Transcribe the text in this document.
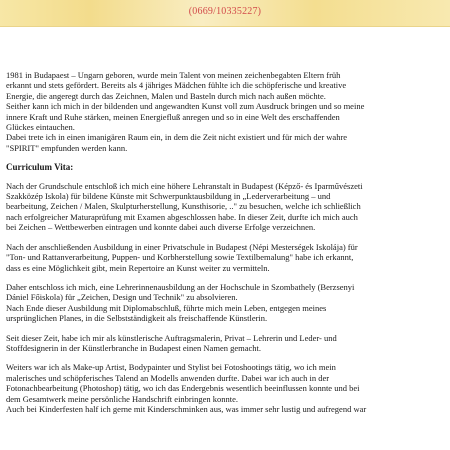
(0669/10335227)

1981 in Budapaest – Ungarn geboren, wurde mein Talent von meinen zeichenbegabten Eltern früh
erkannt und stets gefördert. Bereits als 4 jähriges Mädchen fühlte ich die schöpferische und kreative
Energie, die angeregt durch das Zeichnen, Malen und Basteln durch mich nach außen möchte.
Seither kann ich mich in der bildenden und angewandten Kunst voll zum Ausdruck bringen und so meine
innere Kraft und Ruhe stärken, meinen Energiefluß anregen und so in eine Welt des erschaffenden
Glückes eintauchen.
Dabei trete ich in einen imanigären Raum ein, in dem die Zeit nicht existiert und für mich der wahre
"SPIRIT" empfunden werden kann.

Curriculum Vita:

Nach der Grundschule entschloß ich mich eine höhere Lehranstalt in Budapest (Képző- és Iparművészeti
Szakközép Iskola) für bildene Künste mit Schwerpunktausbildung in „Lederverarbeitung – und
bearbeitung, Zeichen / Malen, Skulpturherstellung, Kunsthisorie, .." zu besuchen, welche ich schließlich
nach erfolgreicher Maturaprüfung mit Examen abgeschlossen habe. In dieser Zeit, durfte ich mich auch
bei Zeichen – Wettbewerben eintragen und konnte dabei auch diverse Erfolge verzeichnen.

Nach der anschließenden Ausbildung in einer Privatschule in Budapest (Népi Mesterségek Iskolája) für
"Ton- und Rattanverarbeitung, Puppen- und Korbherstellung sowie Textilbemalung" habe ich erkannt,
dass es eine Möglichkeit gibt, mein Repertoire an Kunst weiter zu vermitteln.

Daher entschloss ich mich, eine Lehrerinnenausbildung an der Hochschule in Szombathely (Berzsenyi
Dániel Főiskola) für „Zeichen, Design und Technik" zu absolvieren.
Nach Ende dieser Ausbildung mit Diplomabschluß, führte mich mein Leben, entgegen meines
ursprünglichen Planes, in die Selbstständigkeit als freischaffende Künstlerin.

Seit dieser Zeit, habe ich mir als künstlerische Auftragsmalerin, Privat – Lehrerin und Leder- und
Stoffdesignerin in der Künstlerbranche in Budapest einen Namen gemacht.

Weiters war ich als Make-up Artist, Bodypainter und Stylist bei Fotoshootings tätig, wo ich mein
malerisches und schöpferisches Talend an Modells anwenden durfte. Dabei war ich auch in der
Fotonachbearbeitung (Photoshop) tätig, wo ich das Endergebnis wesentlich beeinflussen konnte und bei
dem Gesamtwerk meine persönliche Handschrift einbringen konnte.
Auch bei Kinderfesten half ich gerne mit Kinderschminken aus, was immer sehr lustig und aufregend war
